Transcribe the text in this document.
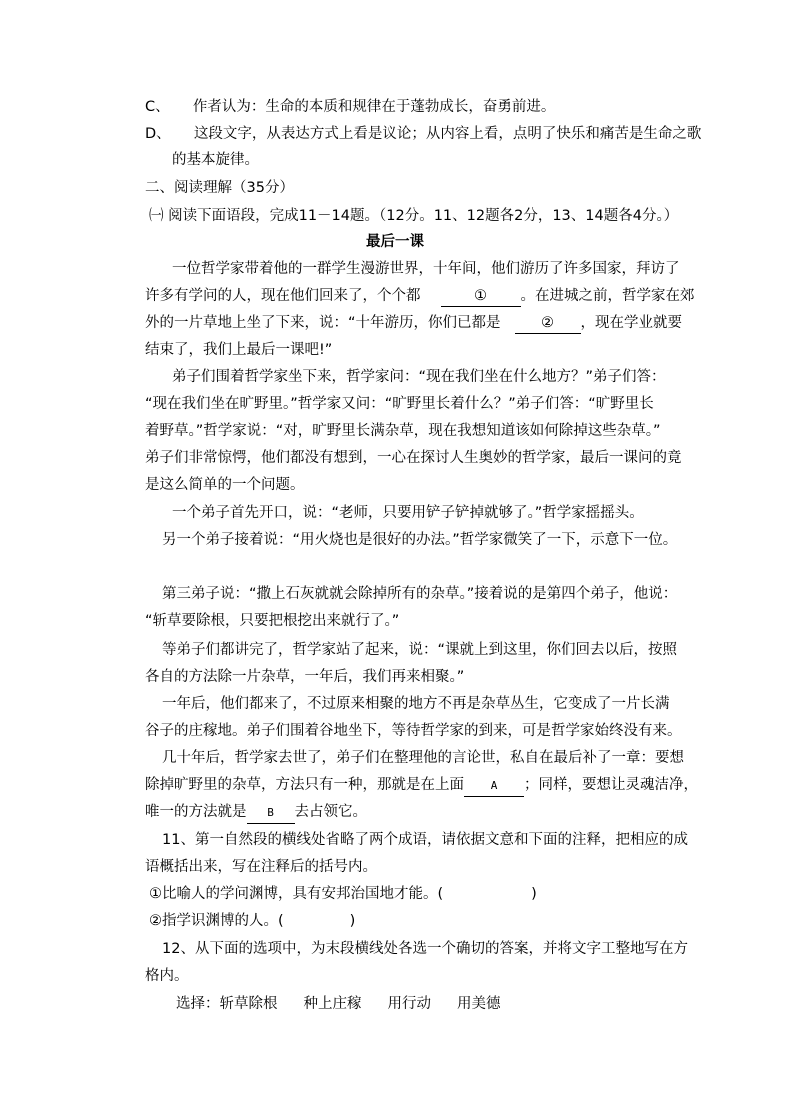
C、 作者认为：生命的本质和规律在于蓬勃成长，奋勇前进。
D、 这段文字，从表达方式上看是议论；从内容上看，点明了快乐和痛苦是生命之歌
的基本旋律。
二、阅读理解（35分）
㈠ 阅读下面语段，完成11－14题。（12分。11、12题各2分，13、14题各4分。）
最后一课
一位哲学家带着他的一群学生漫游世界，十年间，他们游历了许多国家，拜访了
许多有学问的人，现在他们回来了，个个都	① 。在进城之前，哲学家在郊
外的一片草地上坐了下来，说：“十年游历，你们已都是	② ，现在学业就要
结束了，我们上最后一课吧!”
弟子们围着哲学家坐下来，哲学家问：“现在我们坐在什么地方？”弟子们答：
“现在我们坐在旷野里。”哲学家又问：“旷野里长着什么？”弟子们答：“旷野里长
着野草。”哲学家说：“对，旷野里长满杂草，现在我想知道该如何除掉这些杂草。”
弟子们非常惊愕，他们都没有想到，一心在探讨人生奥妙的哲学家，最后一课问的竟
是这么简单的一个问题。
一个弟子首先开口，说：“老师，只要用铲子铲掉就够了。”哲学家摇摇头。
另一个弟子接着说：“用火烧也是很好的办法。”哲学家微笑了一下，示意下一位。
第三弟子说：“撒上石灰就就会除掉所有的杂草。”接着说的是第四个弟子，他说：
“斩草要除根，只要把根挖出来就行了。”
等弟子们都讲完了，哲学家站了起来，说：“课就上到这里，你们回去以后，按照
各自的方法除一片杂草，一年后，我们再来相聚。”
一年后，他们都来了，不过原来相聚的地方不再是杂草丛生，它变成了一片长满
谷子的庄稼地。弟子们围着谷地坐下，等待哲学家的到来，可是哲学家始终没有来。
几十年后，哲学家去世了，弟子们在整理他的言论世，私自在最后补了一章：要想
除掉旷野里的杂草，方法只有一种，那就是在上面 A ；同样，要想让灵魂洁净，
唯一的方法就是 B 去占领它。
11、第一自然段的横线处省略了两个成语，请依据文意和下面的注释，把相应的成
语概括出来，写在注释后的括号内。
①比喻人的学问渊博，具有安邦治国地才能。(	)
②指学识渊博的人。(	)
12、从下面的选项中，为末段横线处各选一个确切的答案，并将文字工整地写在方
格内。
选择：斩草除根 种上庄稼 用行动 用美德
